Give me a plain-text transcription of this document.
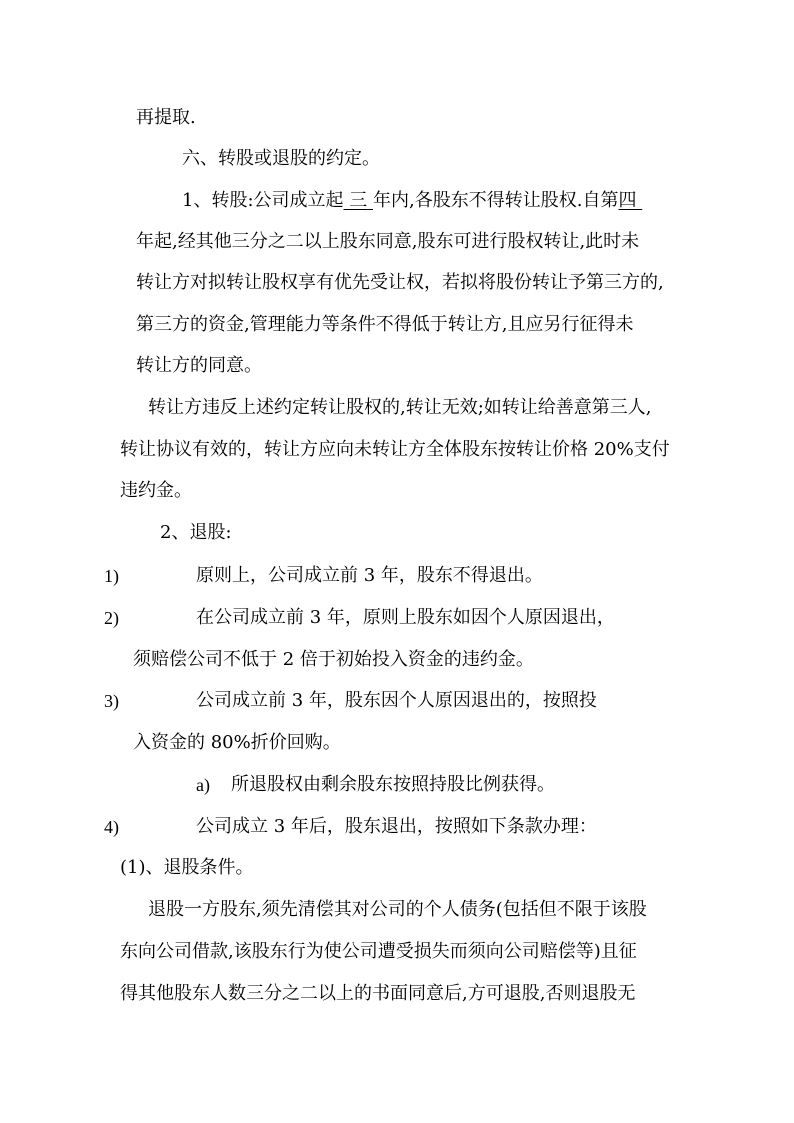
再提取.
六、转股或退股的约定。
1、转股:公司成立起 三 年内,各股东不得转让股权.自第四
年起,经其他三分之二以上股东同意,股东可进行股权转让,此时未
转让方对拟转让股权享有优先受让权，若拟将股份转让予第三方的,
第三方的资金,管理能力等条件不得低于转让方,且应另行征得未
转让方的同意。
转让方违反上述约定转让股权的,转让无效;如转让给善意第三人,
转让协议有效的，转让方应向未转让方全体股东按转让价格 20%支付
违约金。
2、退股:
1)	原则上，公司成立前 3 年，股东不得退出。
2)	在公司成立前 3 年，原则上股东如因个人原因退出，
须赔偿公司不低于 2 倍于初始投入资金的违约金。
3)	公司成立前 3 年，股东因个人原因退出的，按照投
入资金的 80%折价回购。
a) 所退股权由剩余股东按照持股比例获得。
4)	公司成立 3 年后，股东退出，按照如下条款办理：
(1)、退股条件。
退股一方股东,须先清偿其对公司的个人债务(包括但不限于该股
东向公司借款,该股东行为使公司遭受损失而须向公司赔偿等)且征
得其他股东人数三分之二以上的书面同意后,方可退股,否则退股无
